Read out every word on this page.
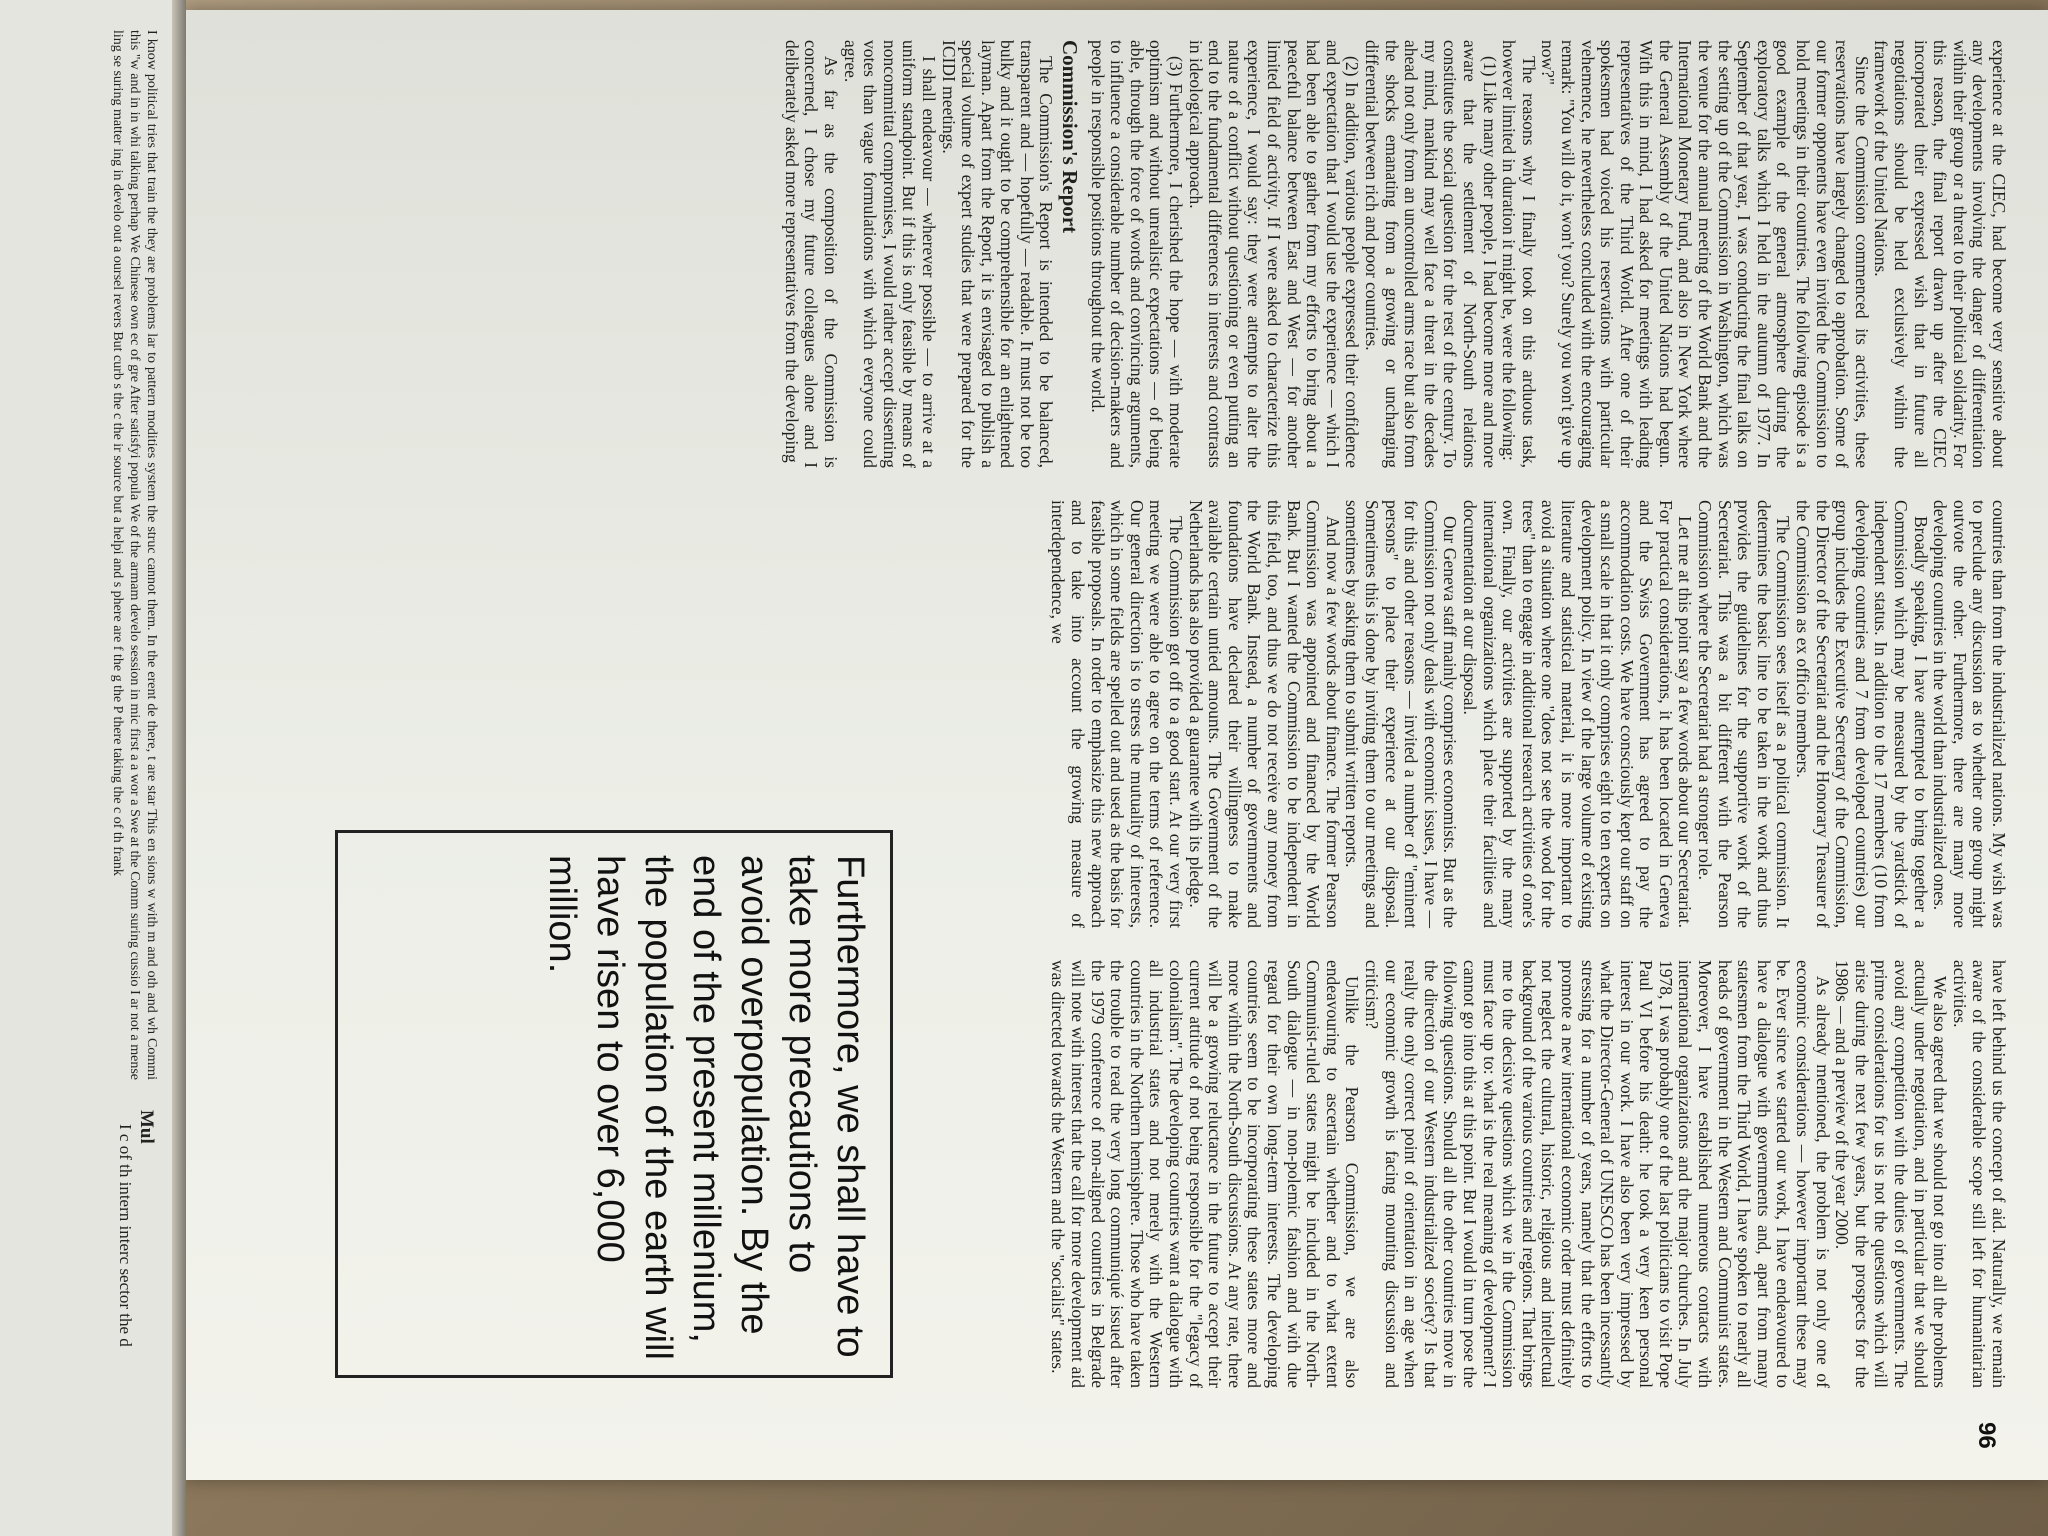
96

experience at the CIEC, had become very sensitive about any developments involving the danger of differentiation within their group or a threat to their political solidarity. For this reason, the final report drawn up after the CIEC incorporated their expressed wish that in future all negotiations should be held exclusively within the framework of the United Nations.

Since the Commission commenced its activities, these reservations have largely changed to approbation. Some of our former opponents have even invited the Commission to hold meetings in their countries. The following episode is a good example of the general atmosphere during the exploratory talks which I held in the autumn of 1977. In September of that year, I was conducting the final talks on the setting up of the Commission in Washington, which was the venue for the annual meeting of the World Bank and the International Monetary Fund, and also in New York where the General Assembly of the United Nations had begun. With this in mind, I had asked for meetings with leading representatives of the Third World. After one of their spokesmen had voiced his reservations with particular vehemence, he nevertheless concluded with the encouraging remark: "You will do it, won't you? Surely you won't give up now?"

The reasons why I finally took on this arduous task, however limited in duration it might be, were the following:

(1) Like many other people, I had become more and more aware that the settlement of North-South relations constitutes the social question for the rest of the century. To my mind, mankind may well face a threat in the decades ahead not only from an uncontrolled arms race but also from the shocks emanating from a growing or unchanging differential between rich and poor countries.

(2) In addition, various people expressed their confidence and expectation that I would use the experience — which I had been able to gather from my efforts to bring about a peaceful balance between East and West — for another limited field of activity. If I were asked to characterize this experience, I would say: they were attempts to alter the nature of a conflict without questioning or even putting an end to the fundamental differences in interests and contrasts in ideological approach.

(3) Furthermore, I cherished the hope — with moderate optimism and without unrealistic expectations — of being able, through the force of words and convincing arguments, to influence a considerable number of decision-makers and people in responsible positions throughout the world.

Commission's Report

The Commission's Report is intended to be balanced, transparent and — hopefully — readable. It must not be too bulky and it ought to be comprehensible for an enlightened layman. Apart from the Report, it is envisaged to publish a special volume of expert studies that were prepared for the ICIDI meetings.

I shall endeavour — wherever possible — to arrive at a uniform standpoint. But if this is only feasible by means of noncommittal compromises, I would rather accept dissenting votes than vague formulations with which everyone could agree.

As far as the composition of the Commission is concerned, I chose my future colleagues alone and I deliberately asked more representatives from the developing

countries than from the industrialized nations. My wish was to preclude any discussion as to whether one group might outvote the other. Furthermore, there are many more developing countries in the world than industrialized ones.

Broadly speaking, I have attempted to bring together a Commission which may be measured by the yardstick of independent status. In addition to the 17 members (10 from developing countries and 7 from developed countries) our group includes the Executive Secretary of the Commission, the Director of the Secretariat and the Honorary Treasurer of the Commission as ex officio members.

The Commission sees itself as a political commission. It determines the basic line to be taken in the work and thus provides the guidelines for the supportive work of the Secretariat. This was a bit different with the Pearson Commission where the Secretariat had a stronger role.

Let me at this point say a few words about our Secretariat. For practical considerations, it has been located in Geneva and the Swiss Government has agreed to pay the accommodation costs. We have consciously kept our staff on a small scale in that it only comprises eight to ten experts on development policy. In view of the large volume of existing literature and statistical material, it is more important to avoid a situation where one "does not see the wood for the trees" than to engage in additional research activities of one's own. Finally, our activities are supported by the many international organizations which place their facilities and documentation at our disposal.

Our Geneva staff mainly comprises economists. But as the Commission not only deals with economic issues, I have — for this and other reasons — invited a number of "eminent persons" to place their experience at our disposal. Sometimes this is done by inviting them to our meetings and sometimes by asking them to submit written reports.

And now a few words about finance. The former Pearson Commission was appointed and financed by the World Bank. But I wanted the Commission to be independent in this field, too, and thus we do not receive any money from the World Bank. Instead, a number of governments and foundations have declared their willingness to make available certain untied amounts. The Government of the Netherlands has also provided a guarantee with its pledge.

The Commission got off to a good start. At our very first meeting we were able to agree on the terms of reference. Our general direction is to stress the mutuality of interests, which in some fields are spelled out and used as the basis for feasible proposals. In order to emphasize this new approach and to take into account the growing measure of interdependence, we

have left behind us the concept of aid. Naturally, we remain aware of the considerable scope still left for humanitarian activities.

We also agreed that we should not go into all the problems actually under negotiation, and in particular that we should avoid any competition with the duties of governments. The prime considerations for us is not the questions which will arise during the next few years, but the prospects for the 1980s — and a preview of the year 2000.

As already mentioned, the problem is not only one of economic considerations — however important these may be. Ever since we started our work, I have endeavoured to have a dialogue with governments and, apart from many statesmen from the Third World, I have spoken to nearly all heads of government in the Western and Communist states. Moreover, I have established numerous contacts with international organizations and the major churches. In July 1978, I was probably one of the last politicians to visit Pope Paul VI before his death: he took a very keen personal interest in our work. I have also been very impressed by what the Director-General of UNESCO has been incessantly stressing for a number of years, namely that the efforts to promote a new international economic order must definitely not neglect the cultural, historic, religious and intellectual background of the various countries and regions. That brings me to the decisive questions which we in the Commission must face up to: what is the real meaning of development? I cannot go into this at this point. But I would in turn pose the following questions. Should all the other countries move in the direction of our Western industrialized society? Is that really the only correct point of orientation in an age when our economic growth is facing mounting discussion and criticism?

Unlike the Pearson Commission, we are also endeavouring to ascertain whether and to what extent Communist-ruled states might be included in the North-South dialogue — in non-polemic fashion and with due regard for their own long-term interests. The developing countries seem to be incorporating these states more and more within the North-South discussions. At any rate, there will be a growing reluctance in the future to accept their current attitude of not being responsible for the "legacy of colonialism". The developing countries want a dialogue with all industrial states and not merely with the Western countries in the Northern hemisphere. Those who have taken the trouble to read the very long communiqué issued after the 1979 conference of non-aligned countries in Belgrade will note with interest that the call for more development aid was directed towards the Western and the "socialist" states.

Furthermore, we shall have to take more precautions to avoid overpopulation. By the end of the present millenium, the population of the earth will have risen to over 6,000 million.
I know political tries that train the they are problems lar to pattern modities system the struc cannot them. In the erent de there, t are star This en sions w with m and oth and wh Commi this "w and in in whi talking perhap We Chinese own ec of gre After satisfyi popula We of the armam develo session in mic first a a wor a Swe at the Comm suring cussio I ar not a mense ling se suring matter ing in develo out a oursel revers But curb s the c the ir source but a helpi and s phere are f the g the P there taking the c of th frank
Mul

I c of th intern interc sector the d
